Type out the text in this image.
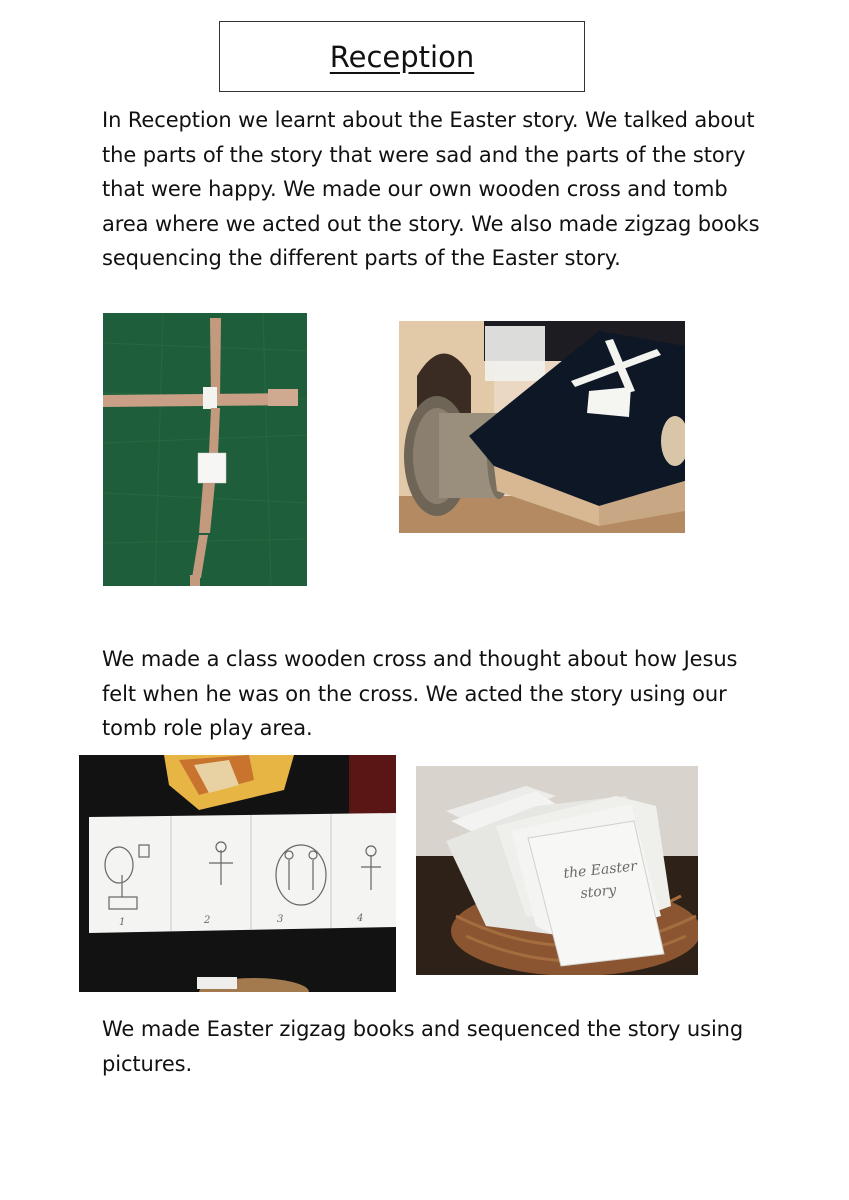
Reception

In Reception we learnt about the Easter story. We talked about the parts of the story that were sad and the parts of the story that were happy. We made our own wooden cross and tomb area where we acted out the story. We also made zigzag books sequencing the different parts of the Easter story.

We made a class wooden cross and thought about how Jesus felt when he was on the cross. We acted the story using our tomb role play area.

1	2	3	4
the Easter
story

We made Easter zigzag books and sequenced the story using pictures.
